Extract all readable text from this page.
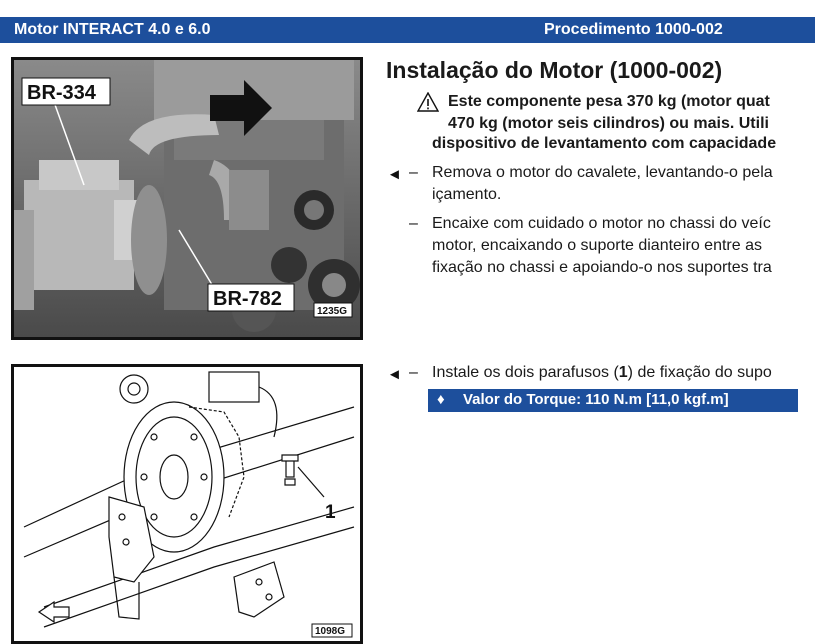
Motor INTERACT 4.0 e 6.0	Procedimento 1000-002
BR-334
BR-782
1235G
1
1098G
Instalação do Motor (1000-002)
Este componente pesa 370 kg (motor quat
470 kg (motor seis cilindros) ou mais. Utili
dispositivo de levantamento com capacidade
◄ – Remova o motor do cavalete, levantando-o pela
içamento.
– Encaixe com cuidado o motor no chassi do veíc
motor, encaixando o suporte dianteiro entre as
fixação no chassi e apoiando-o nos suportes tra
◄ – Instale os dois parafusos (1) de fixação do supo
♦ Valor do Torque: 110 N.m [11,0 kgf.m]
